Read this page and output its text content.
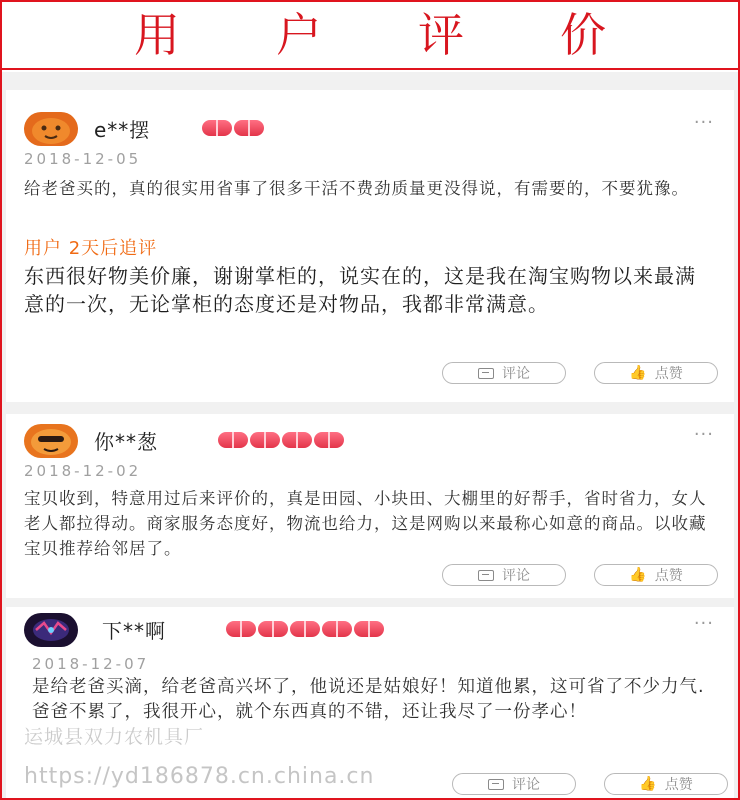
用户评价
e**摆	···
2018-12-05
给老爸买的，真的很实用省事了很多干活不费劲质量更没得说，有需要的，不要犹豫。
用户 2天后追评
东西很好物美价廉，谢谢掌柜的，说实在的，这是我在淘宝购物以来最满意的一次，无论掌柜的态度还是对物品，我都非常满意。
评论	👍 点赞
你**葱	···
2018-12-02
宝贝收到，特意用过后来评价的，真是田园、小块田、大棚里的好帮手，省时省力，女人老人都拉得动。商家服务态度好，物流也给力，这是网购以来最称心如意的商品。以收藏宝贝推荐给邻居了。
评论	👍 点赞
下**啊	···
2018-12-07
是给老爸买滴，给老爸高兴坏了，他说还是姑娘好！知道他累，这可省了不少力气.爸爸不累了，我很开心，就个东西真的不错，还让我尽了一份孝心！
评论	👍 点赞
运城县双力农机具厂
https://yd186878.cn.china.cn
